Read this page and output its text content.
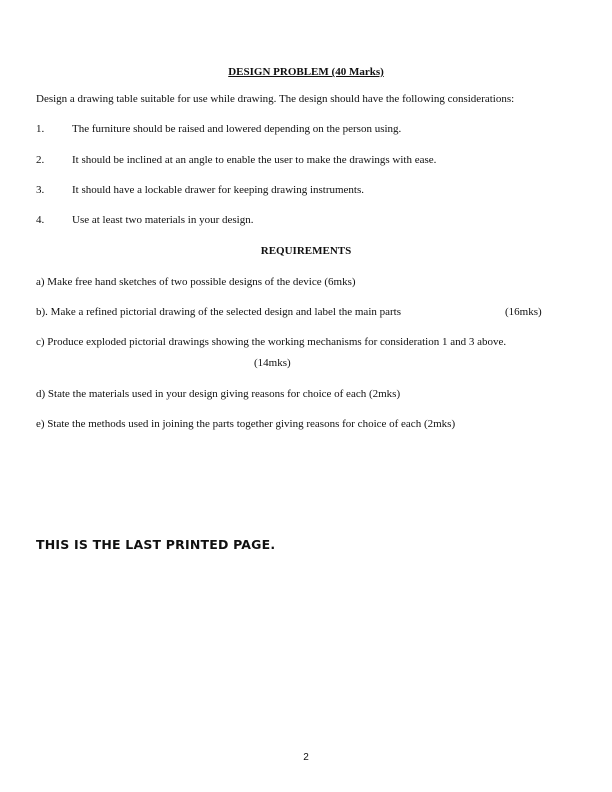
DESIGN PROBLEM (40 Marks)
Design a drawing table suitable for use while drawing. The design should have the following considerations:
1.	The furniture should be raised and lowered depending on the person using.
2.	It should be inclined at an angle to enable the user to make the drawings with ease.
3.	It should have a lockable drawer for keeping drawing instruments.
4.	Use at least two materials in your design.
REQUIREMENTS
a) Make free hand sketches of two possible designs of the device (6mks)
b). Make a refined pictorial drawing of the selected design and label the main parts	(16mks)
c) Produce exploded pictorial drawings showing the working mechanisms for consideration 1 and 3 above.
(14mks)
d) State the materials used in your design giving reasons for choice of each (2mks)
e) State the methods used in joining the parts together giving reasons for choice of each (2mks)
THIS IS THE LAST PRINTED PAGE.
2
